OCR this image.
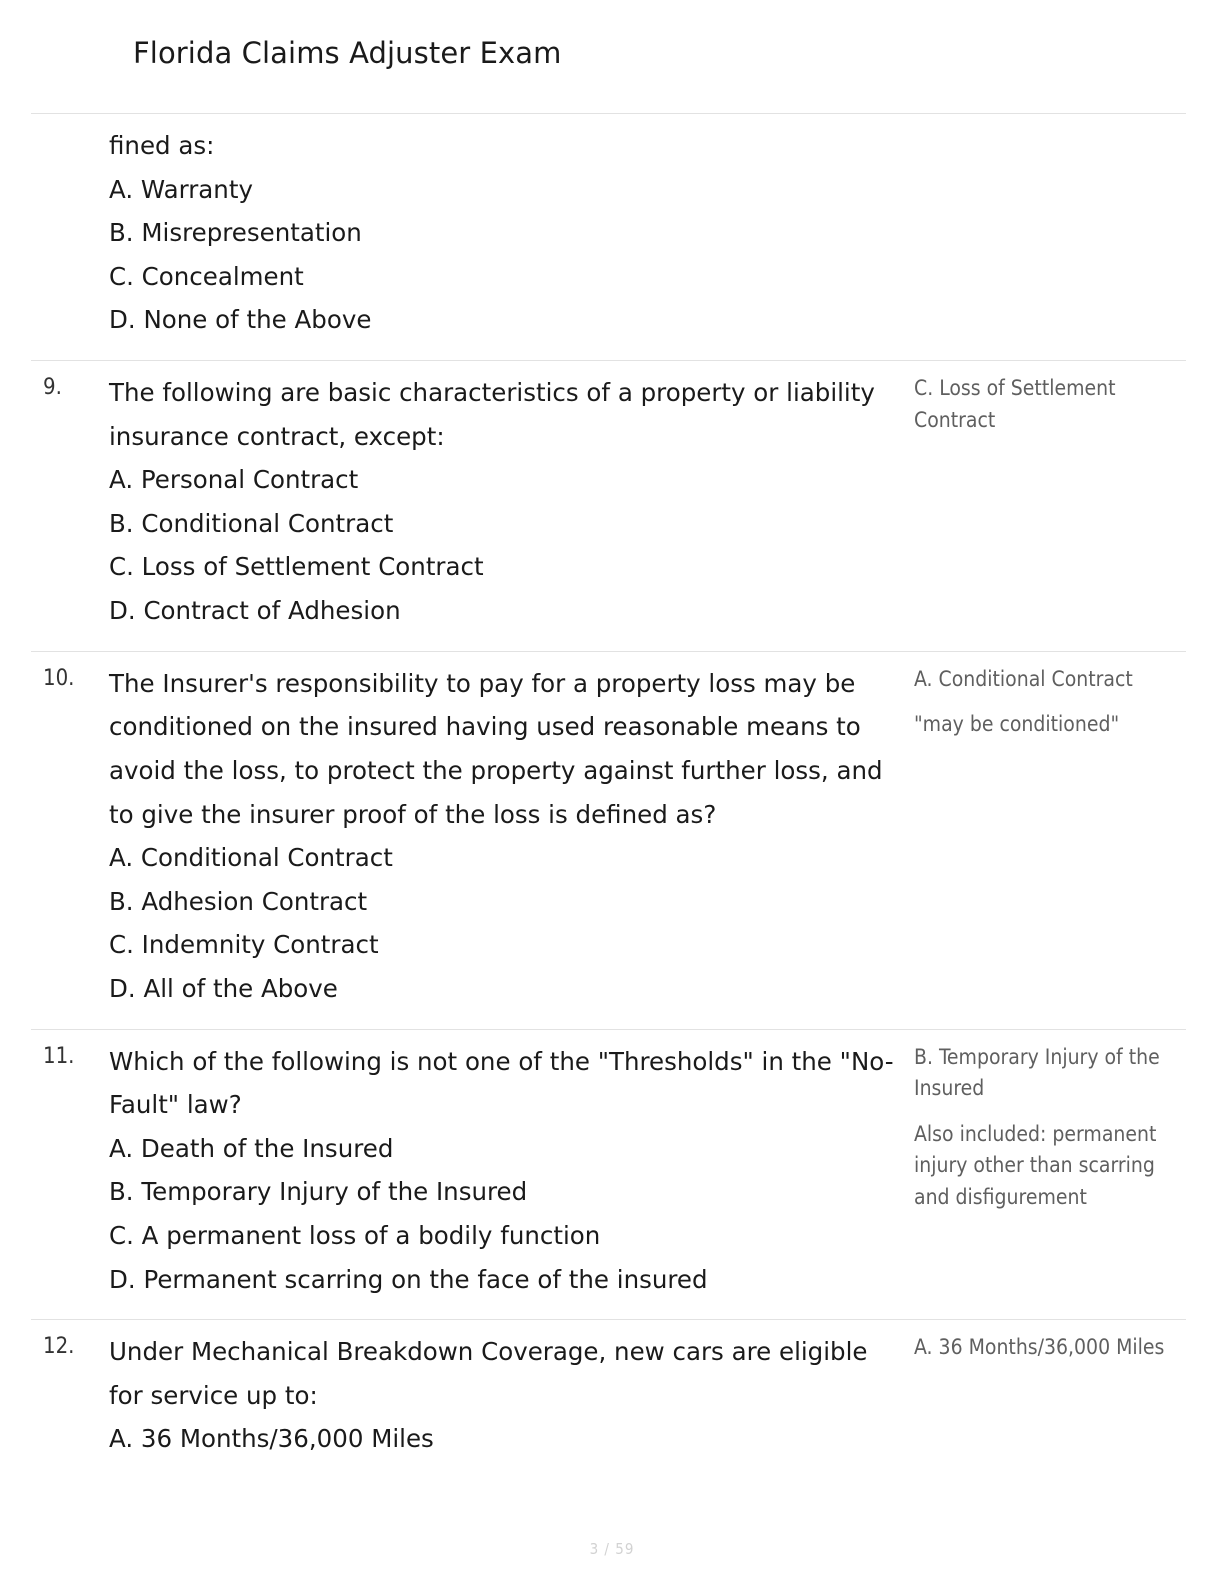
Florida Claims Adjuster Exam
fined as:
A. Warranty
B. Misrepresentation
C. Concealment
D. None of the Above
9.	The following are basic characteristics of a property or liability insurance contract, except:
A. Personal Contract
B. Conditional Contract
C. Loss of Settlement Contract
D. Contract of Adhesion
C. Loss of Settlement Contract
10.	The Insurer's responsibility to pay for a property loss may be conditioned on the insured having used reasonable means to avoid the loss, to protect the property against further loss, and to give the insurer proof of the loss is defined as?
A. Conditional Contract
B. Adhesion Contract
C. Indemnity Contract
D. All of the Above
A. Conditional Contract
"may be conditioned"
11.	Which of the following is not one of the "Thresholds" in the "No-Fault" law?
A. Death of the Insured
B. Temporary Injury of the Insured
C. A permanent loss of a bodily function
D. Permanent scarring on the face of the insured
B. Temporary Injury of the Insured
Also included: permanent injury other than scarring and disfigurement
12.	Under Mechanical Breakdown Coverage, new cars are eligible for service up to:
A. 36 Months/36,000 Miles
A. 36 Months/36,000 Miles
3 / 59
